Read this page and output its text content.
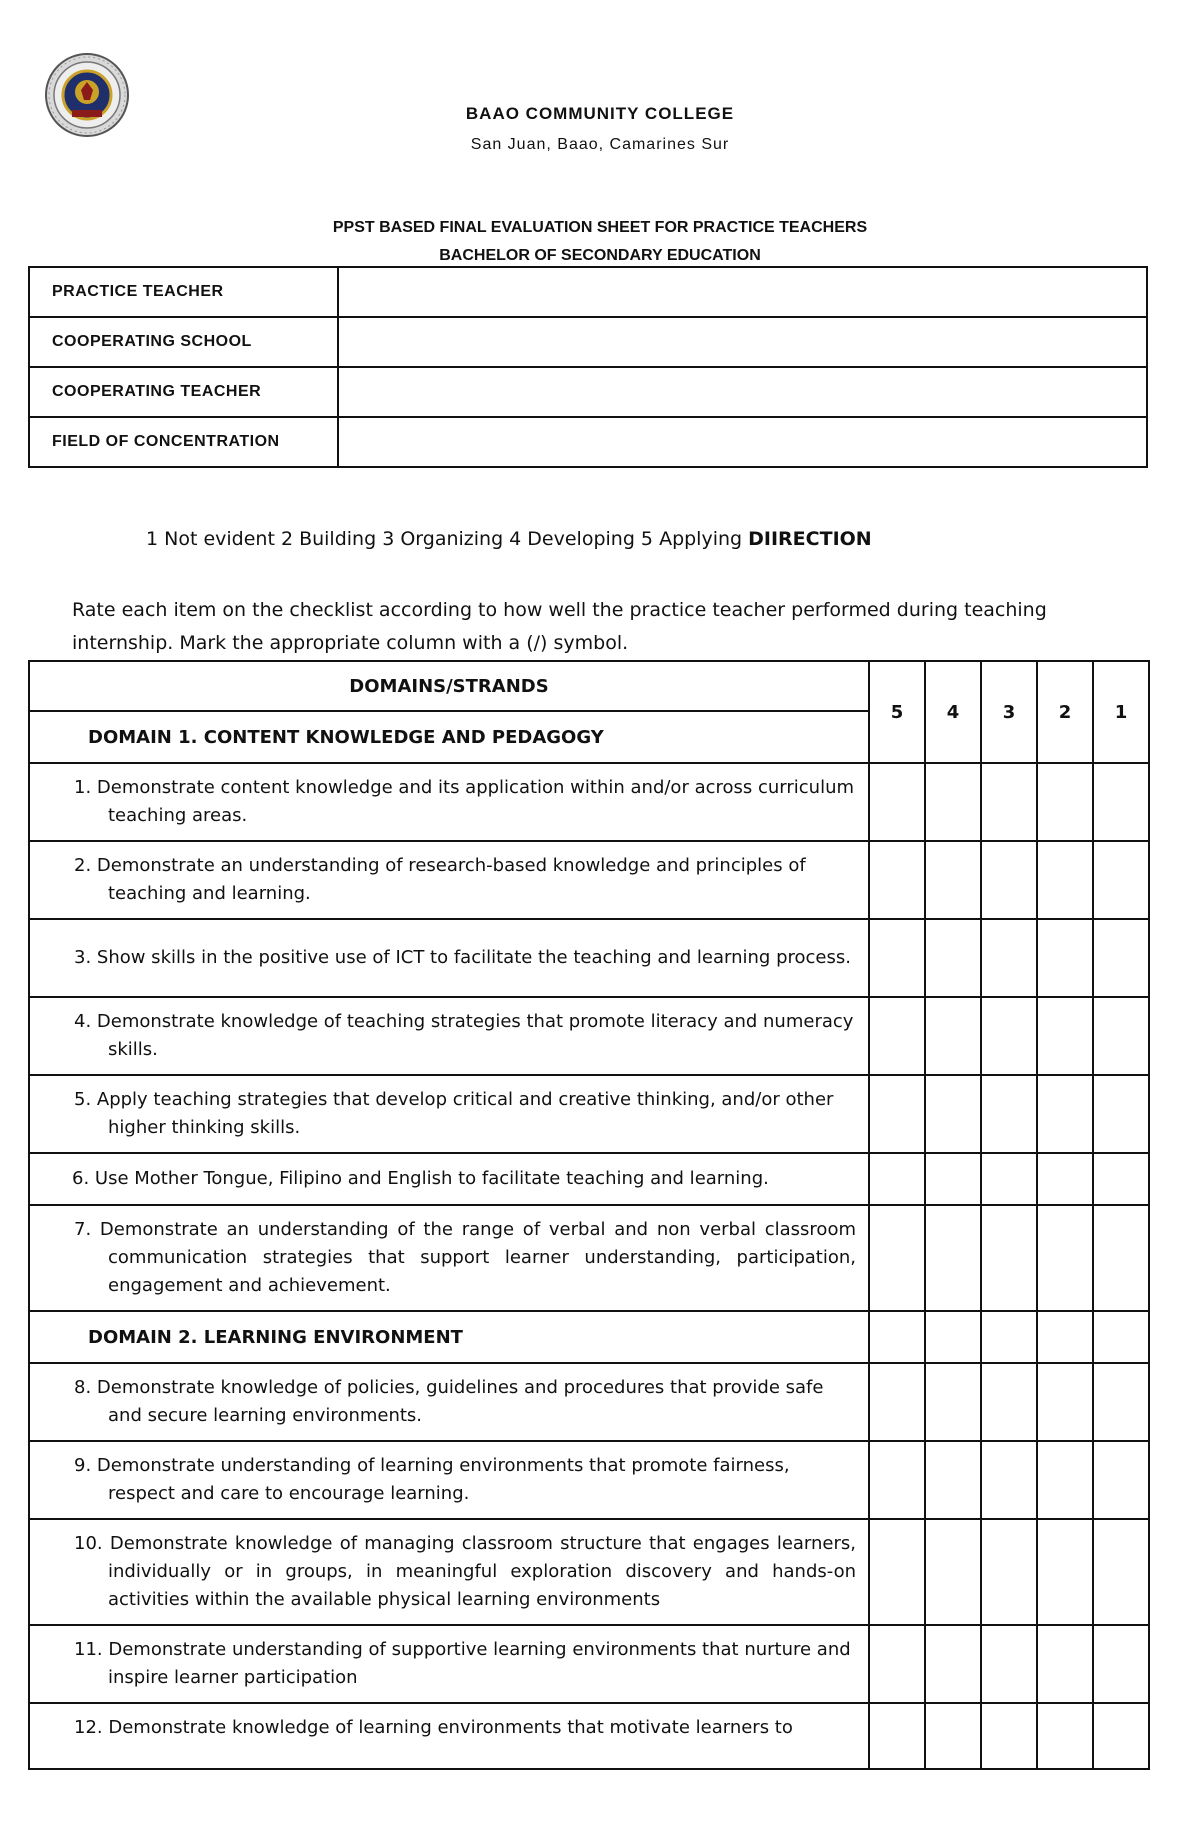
BAAO COMMUNITY COLLEGE

San Juan, Baao, Camarines Sur

PPST BASED FINAL EVALUATION SHEET FOR PRACTICE TEACHERS
BACHELOR OF SECONDARY EDUCATION
PRACTICE TEACHER	
COOPERATING SCHOOL	
COOPERATING TEACHER	
FIELD OF CONCENTRATION	
1 Not evident 2 Building 3 Organizing 4 Developing 5 Applying DIIRECTION
Rate each item on the checklist according to how well the practice teacher performed during teaching internship. Mark the appropriate column with a (/) symbol.
DOMAINS/STRANDS	5	4	3	2	1
DOMAIN 1. CONTENT KNOWLEDGE AND PEDAGOGY					
1. Demonstrate content knowledge and its application within and/or across curriculum teaching areas.					
2. Demonstrate an understanding of research-based knowledge and principles of teaching and learning.					
3. Show skills in the positive use of ICT to facilitate the teaching and learning process.					
4. Demonstrate knowledge of teaching strategies that promote literacy and numeracy skills.					
5. Apply teaching strategies that develop critical and creative thinking, and/or other higher thinking skills.					
6. Use Mother Tongue, Filipino and English to facilitate teaching and learning.					
7. Demonstrate an understanding of the range of verbal and non verbal classroom communication strategies that support learner understanding, participation, engagement and achievement.					
DOMAIN 2. LEARNING ENVIRONMENT					
8. Demonstrate knowledge of policies, guidelines and procedures that provide safe and secure learning environments.					
9. Demonstrate understanding of learning environments that promote fairness, respect and care to encourage learning.					
10. Demonstrate knowledge of managing classroom structure that engages learners, individually or in groups, in meaningful exploration discovery and hands-on activities within the available physical learning environments					
11. Demonstrate understanding of supportive learning environments that nurture and inspire learner participation					
12. Demonstrate knowledge of learning environments that motivate learners to					
